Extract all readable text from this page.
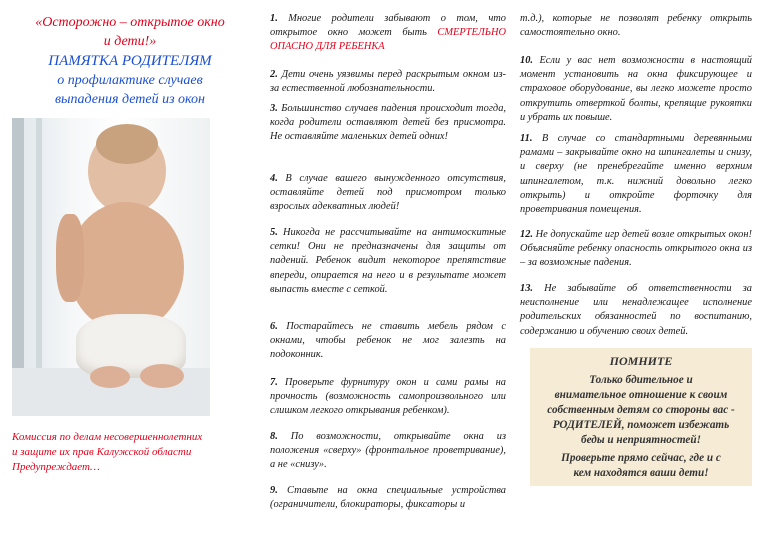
«Осторожно – открытое окно

и дети!»

ПАМЯТКА РОДИТЕЛЯМ

о профилактике случаев

выпадения детей из окон

Комиссия по делам несовершеннолетних

и защите их прав Калужской области

Предупреждает…

1. Многие родители забывают о том, что открытое окно может быть СМЕРТЕЛЬНО ОПАСНО ДЛЯ РЕБЕНКА

2. Дети очень уязвимы перед раскрытым окном из-за естественной любознательности.

3. Большинство случаев падения происходит тогда, когда родители оставляют детей без присмотра. Не оставляйте маленьких детей одних!

4. В случае вашего вынужденного отсутствия, оставляйте детей под присмотром только взрослых адекватных людей!

5. Никогда не рассчитывайте на антимоскитные сетки! Они не предназначены для защиты от падений. Ребенок видит некоторое препятствие впереди, опирается на него и в результате может выпасть вместе с сеткой.

6. Постарайтесь не ставить мебель рядом с окнами, чтобы ребенок не мог залезть на подоконник.

7. Проверьте фурнитуру окон и сами рамы на прочность (возможность самопроизвольного или слишком легкого открывания ребенком).

8. По возможности, открывайте окна из положения «сверху» (фронтальное проветривание), а не «снизу».

9. Ставьте на окна специальные устройства (ограничители, блокираторы, фиксаторы и

т.д.), которые не позволят ребенку открыть самостоятельно окно.

10. Если у вас нет возможности в настоящий момент установить на окна фиксирующее и страховое оборудование, вы легко можете просто открутить отверткой болты, крепящие рукоятки и убрать их повыше.

11. В случае со стандартными деревянными рамами – закрывайте окно на шпингалеты и снизу, и сверху (не пренебрегайте именно верхним шпингалетом, т.к. нижний довольно легко открыть) и откройте форточку для проветривания помещения.

12. Не допускайте игр детей возле открытых окон! Объясняйте ребенку опасность открытого окна из – за возможные падения.

13. Не забывайте об ответственности за неисполнение или ненадлежащее исполнение родительских обязанностей по воспитанию, содержанию и обучению своих детей.

ПОМНИТЕ

Только бдительное и

внимательное отношение к своим

собственным детям со стороны вас -

РОДИТЕЛЕЙ, поможет избежать

беды и неприятностей!

Проверьте прямо сейчас, где и с

кем находятся ваши дети!
